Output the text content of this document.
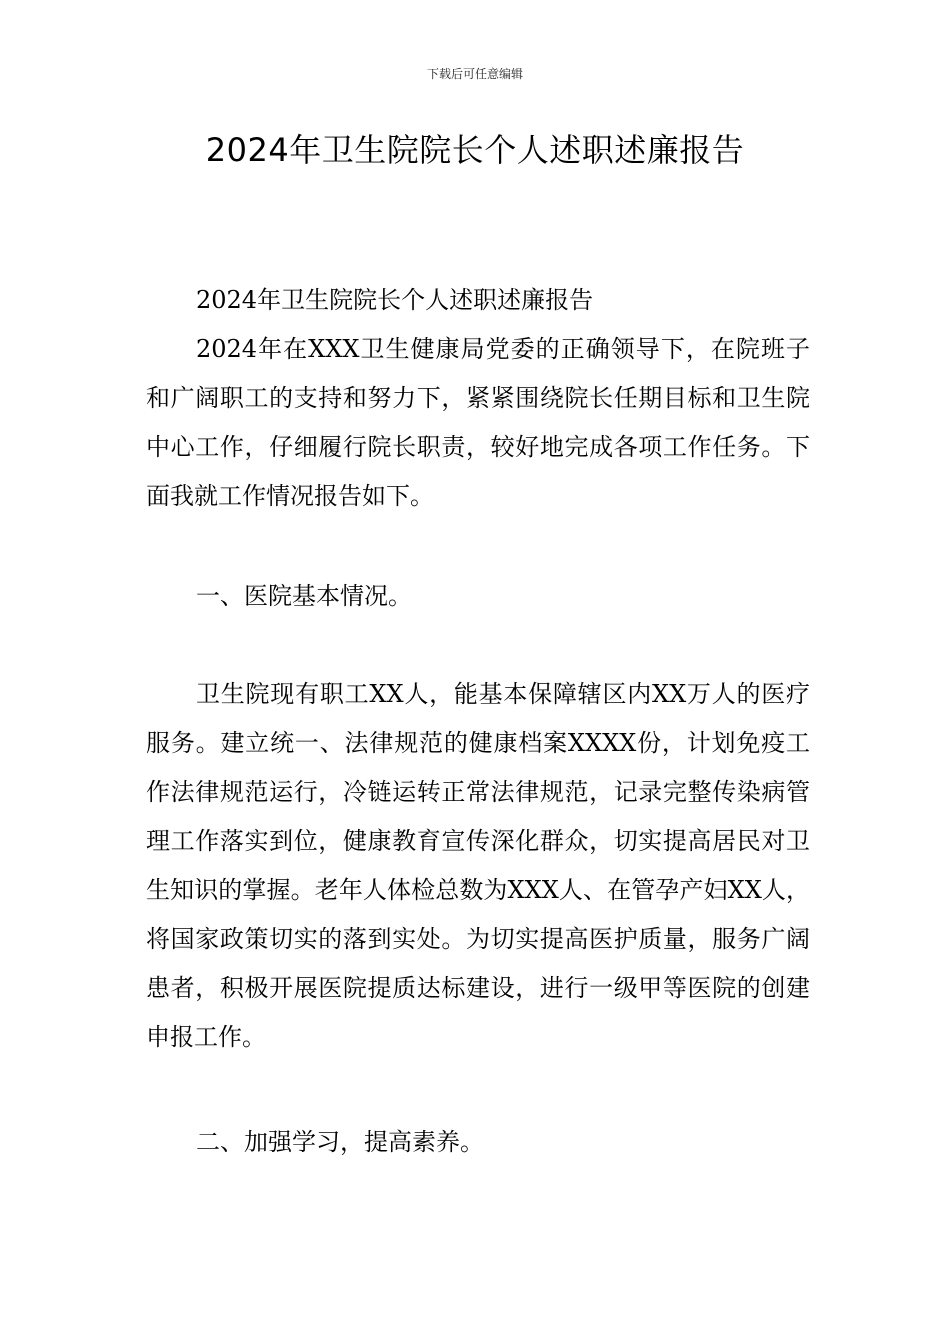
下载后可任意编辑
2024年卫生院院长个人述职述廉报告

2024年卫生院院长个人述职述廉报告

2024年在XXX卫生健康局党委的正确领导下，在院班子和广阔职工的支持和努力下，紧紧围绕院长任期目标和卫生院中心工作，仔细履行院长职责，较好地完成各项工作任务。下面我就工作情况报告如下。

一、医院基本情况。

卫生院现有职工XX人，能基本保障辖区内XX万人的医疗服务。建立统一、法律规范的健康档案XXXX份，计划免疫工作法律规范运行，冷链运转正常法律规范，记录完整传染病管理工作落实到位，健康教育宣传深化群众，切实提高居民对卫生知识的掌握。老年人体检总数为XXX人、在管孕产妇XX人，将国家政策切实的落到实处。为切实提高医护质量，服务广阔患者，积极开展医院提质达标建设，进行一级甲等医院的创建申报工作。

二、加强学习，提高素养。
